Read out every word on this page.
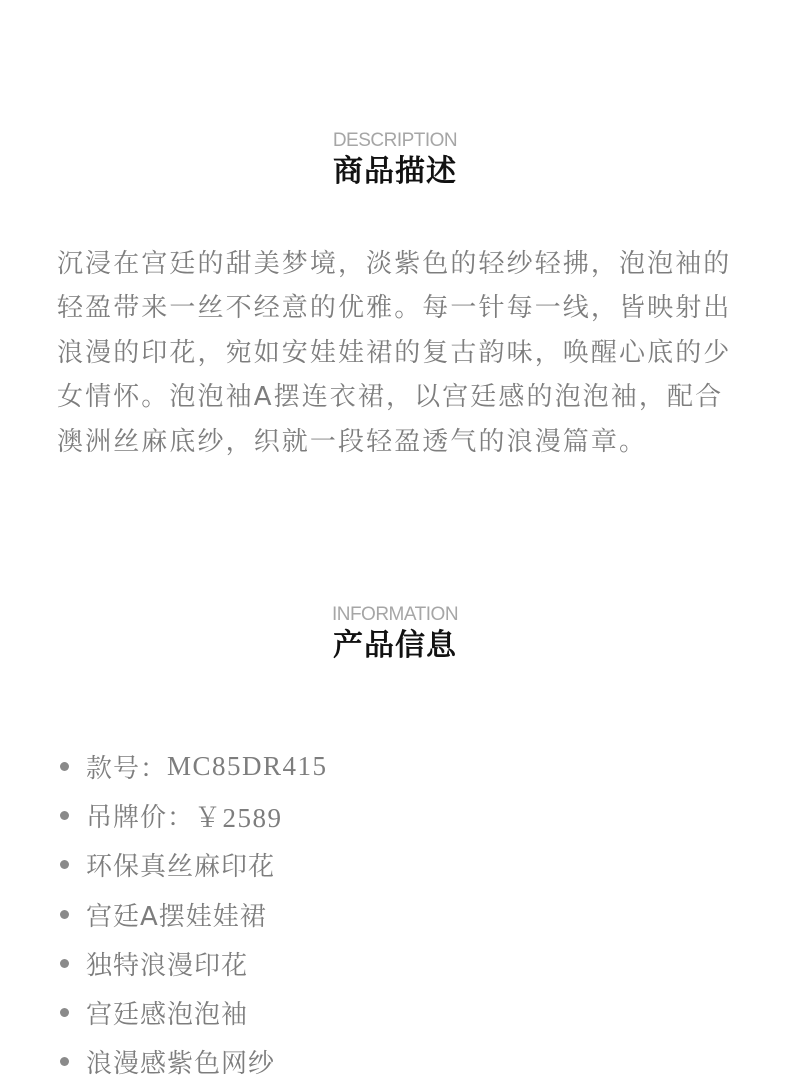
DESCRIPTION
商品描述

沉浸在宫廷的甜美梦境，淡紫色的轻纱轻拂，泡泡袖的轻盈带来一丝不经意的优雅。每一针每一线，皆映射出浪漫的印花，宛如安娃娃裙的复古韵味，唤醒心底的少女情怀。泡泡袖A摆连衣裙，以宫廷感的泡泡袖，配合澳洲丝麻底纱，织就一段轻盈透气的浪漫篇章。

INFORMATION
产品信息
款号： MC85DR415
吊牌价： ￥2589
环保真丝麻印花
宫廷A摆娃娃裙
独特浪漫印花
宫廷感泡泡袖
浪漫感紫色网纱
